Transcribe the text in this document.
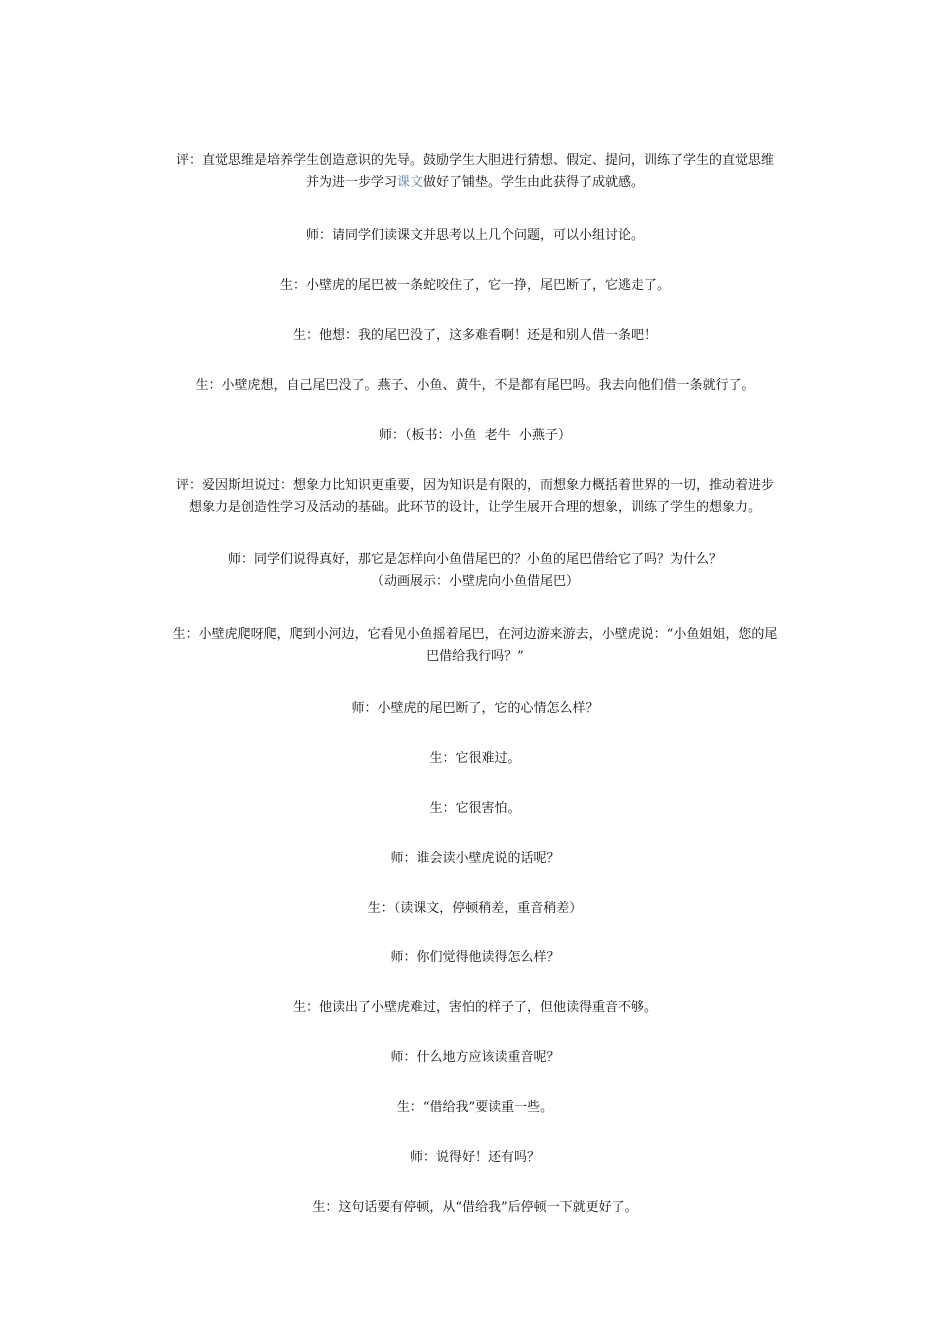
评：直觉思维是培养学生创造意识的先导。鼓励学生大胆进行猜想、假定、提问，训练了学生的直觉思维
并为进一步学习课文做好了铺垫。学生由此获得了成就感。
师：请同学们读课文并思考以上几个问题，可以小组讨论。
生：小壁虎的尾巴被一条蛇咬住了，它一挣，尾巴断了，它逃走了。
生：他想：我的尾巴没了，这多难看啊！还是和别人借一条吧！
生：小壁虎想，自己尾巴没了。燕子、小鱼、黄牛，不是都有尾巴吗。我去向他们借一条就行了。
师：（板书：小鱼  老牛  小燕子）
评：爱因斯坦说过：想象力比知识更重要，因为知识是有限的，而想象力概括着世界的一切，推动着进步
想象力是创造性学习及活动的基础。此环节的设计，让学生展开合理的想象，训练了学生的想象力。
师：同学们说得真好，那它是怎样向小鱼借尾巴的？小鱼的尾巴借给它了吗？为什么？
（动画展示：小壁虎向小鱼借尾巴）
生：小壁虎爬呀爬，爬到小河边，它看见小鱼摇着尾巴，在河边游来游去，小壁虎说：“小鱼姐姐，您的尾
巴借给我行吗？”
师：小壁虎的尾巴断了，它的心情怎么样？
生：它很难过。
生：它很害怕。
师：谁会读小壁虎说的话呢？
生：（读课文，停顿稍差，重音稍差）
师：你们觉得他读得怎么样？
生：他读出了小壁虎难过，害怕的样子了，但他读得重音不够。
师：什么地方应该读重音呢？
生：“借给我”要读重一些。
师：说得好！还有吗？
生：这句话要有停顿，从“借给我”后停顿一下就更好了。
